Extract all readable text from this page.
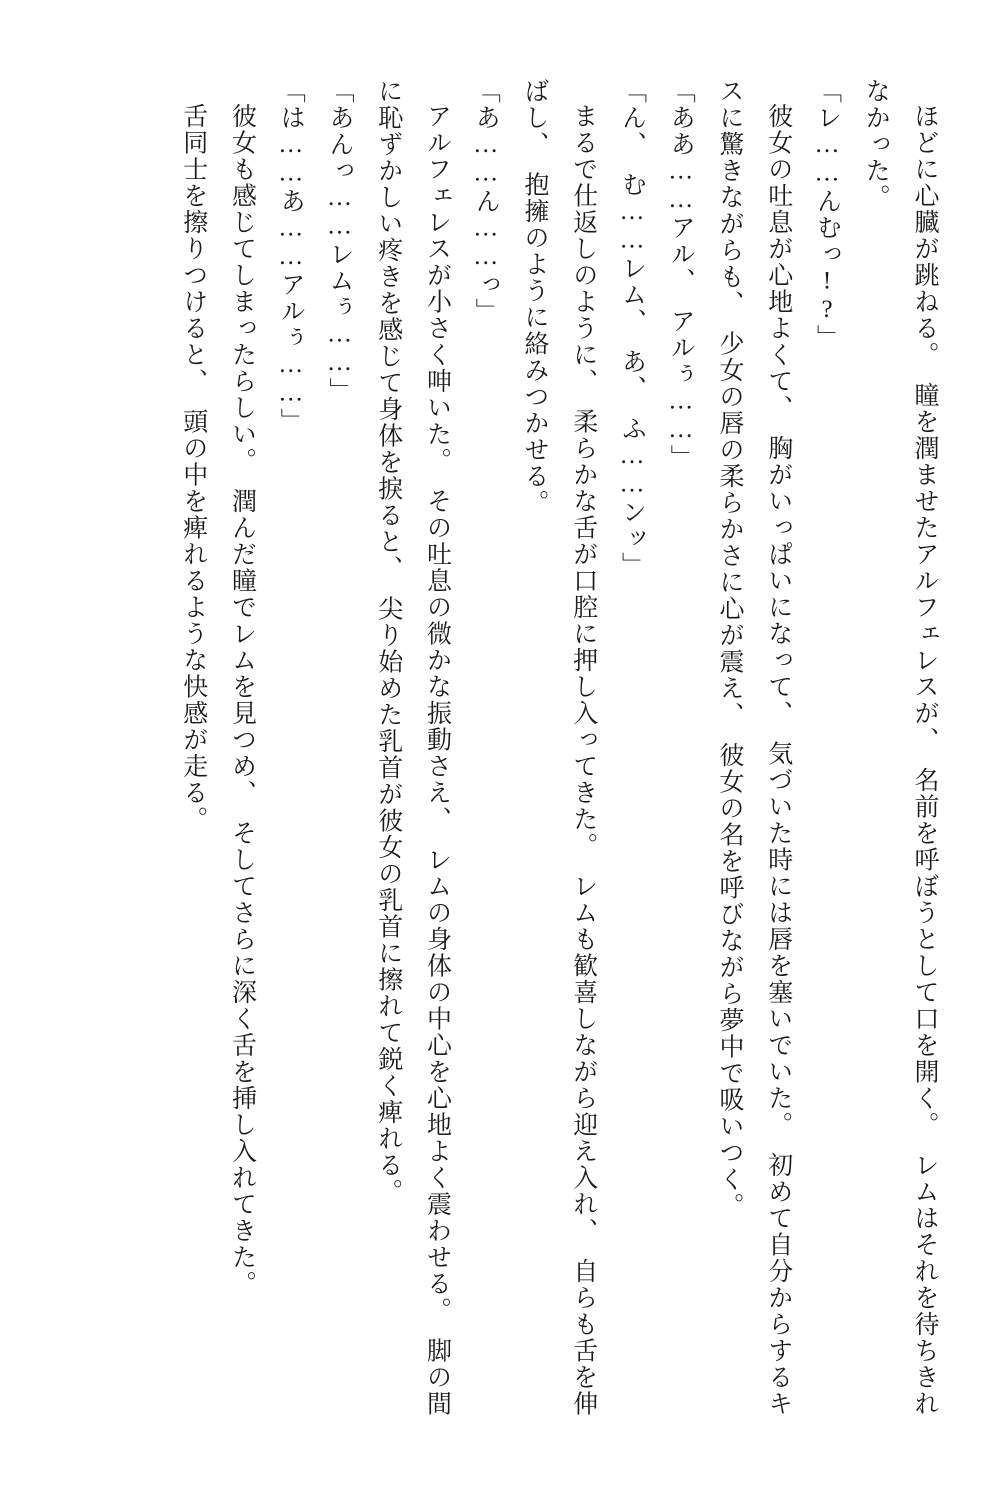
ほどに心臓が跳ねる。　瞳を潤ませたアルフェレスが、　名前を呼ぼうとして口を開く。　レムはそれを待ちきれなかった。

「レ……んむっ!?」

彼女の吐息が心地よくて、　胸がいっぱいになって、　気づいた時には唇を塞いでいた。　初めて自分からするキスに驚きながらも、　少女の唇の柔らかさに心が震え、　彼女の名を呼びながら夢中で吸いつく。

「ああ……アル、　アルぅ……」

「ん、　む……レム、　あ、　ふ……ンッ」

まるで仕返しのように、　柔らかな舌が口腔に押し入ってきた。　レムも歓喜しながら迎え入れ、　自らも舌を伸ばし、　抱擁のように絡みつかせる。

「あ……ん……っ」

アルフェレスが小さく呻いた。　その吐息の微かな振動さえ、　レムの身体の中心を心地よく震わせる。　脚の間に恥ずかしい疼きを感じて身体を捩ると、　尖り始めた乳首が彼女の乳首に擦れて鋭く痺れる。

「あんっ……レムぅ……」

「は……あ……アルぅ……」

彼女も感じてしまったらしい。　潤んだ瞳でレムを見つめ、　そしてさらに深く舌を挿し入れてきた。

舌同士を擦りつけると、　頭の中を痺れるような快感が走る。
